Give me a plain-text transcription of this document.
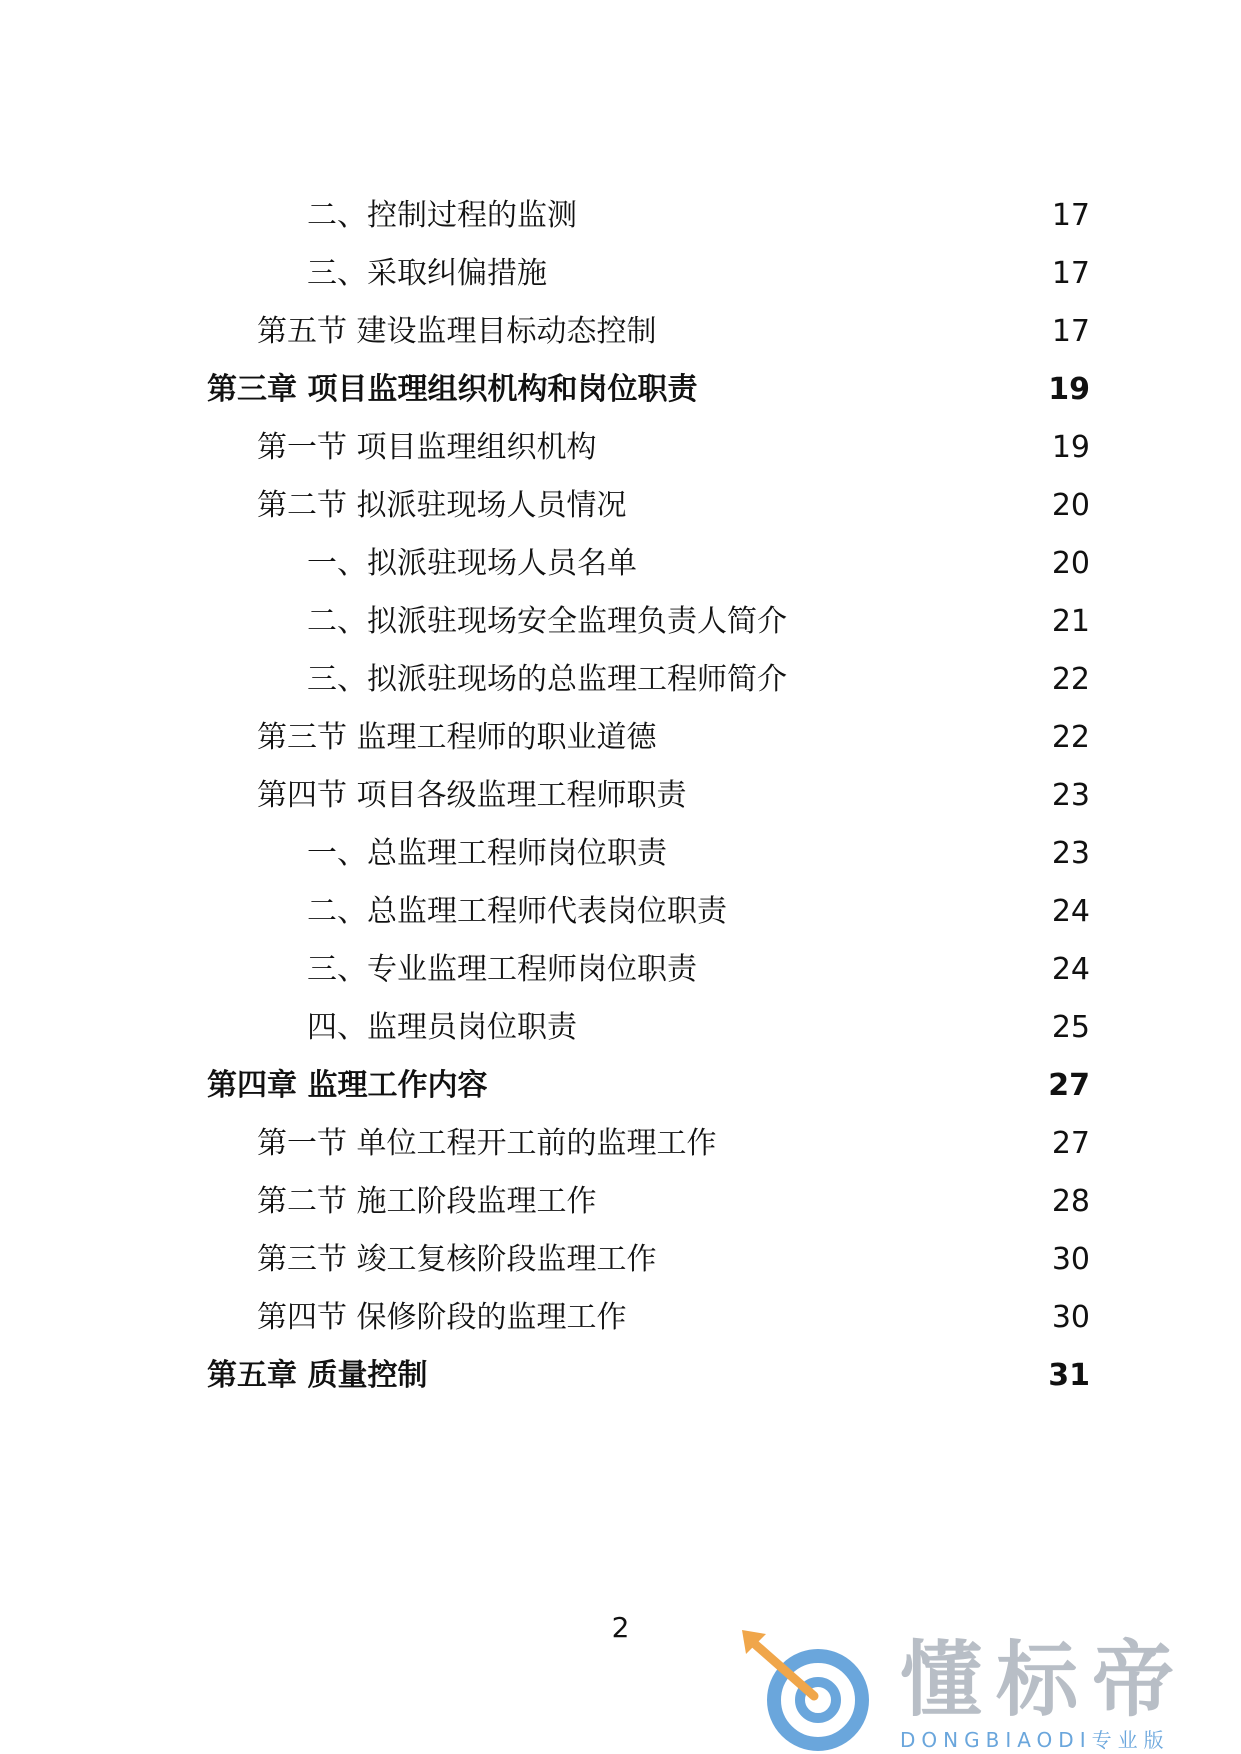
二、控制过程的监测	17
三、采取纠偏措施	17
第五节 建设监理目标动态控制	17
第三章 项目监理组织机构和岗位职责	19
第一节 项目监理组织机构	19
第二节 拟派驻现场人员情况	20
一、拟派驻现场人员名单	20
二、拟派驻现场安全监理负责人简介	21
三、拟派驻现场的总监理工程师简介	22
第三节 监理工程师的职业道德	22
第四节 项目各级监理工程师职责	23
一、总监理工程师岗位职责	23
二、总监理工程师代表岗位职责	24
三、专业监理工程师岗位职责	24
四、监理员岗位职责	25
第四章 监理工作内容	27
第一节 单位工程开工前的监理工作	27
第二节 施工阶段监理工作	28
第三节 竣工复核阶段监理工作	30
第四节 保修阶段的监理工作	30
第五章 质量控制	31
2
懂标帝
DONGBIAODI专业版
